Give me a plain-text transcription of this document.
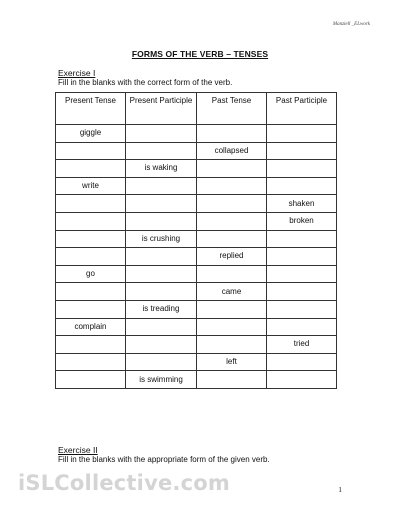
Manziell _ELwork
FORMS OF THE VERB – TENSES
Exercise I
Fill in the blanks with the correct form of the verb.
Present Tense	Present Participle	Past Tense	Past Participle
giggle			
		collapsed	
	is waking		
write			
			shaken
			broken
	is crushing		
		replied	
go			
		came	
	is treading		
complain			
			tried
		left	
	is swimming		
Exercise II
Fill in the blanks with the appropriate form of the given verb.
iSLCollective.com	1
